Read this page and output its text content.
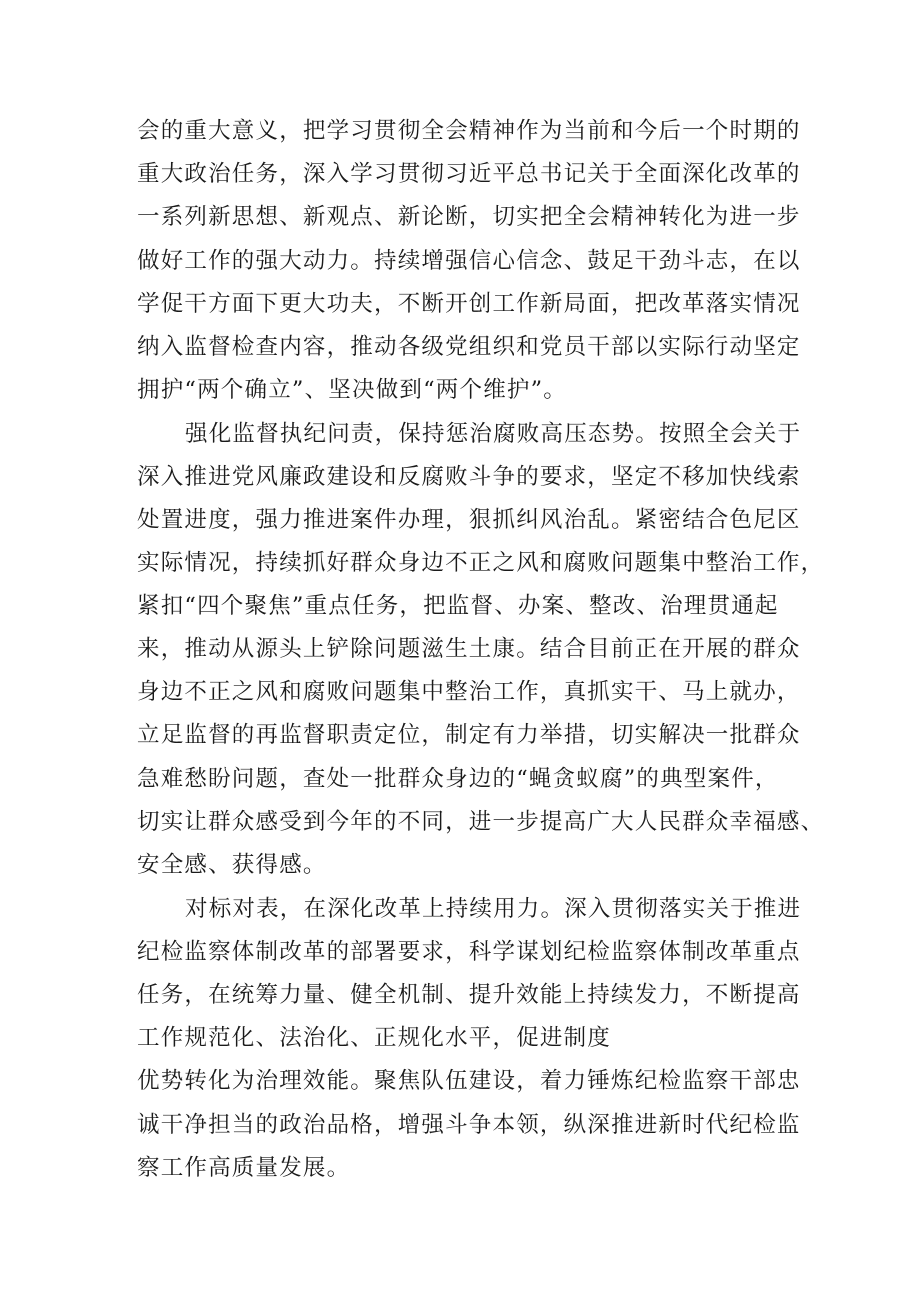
会的重大意义，把学习贯彻全会精神作为当前和今后一个时期的
重大政治任务，深入学习贯彻习近平总书记关于全面深化改革的
一系列新思想、新观点、新论断，切实把全会精神转化为进一步
做好工作的强大动力。持续增强信心信念、鼓足干劲斗志，在以
学促干方面下更大功夫，不断开创工作新局面，把改革落实情况
纳入监督检查内容，推动各级党组织和党员干部以实际行动坚定
拥护“两个确立”、坚决做到“两个维护”。
强化监督执纪问责，保持惩治腐败高压态势。按照全会关于
深入推进党风廉政建设和反腐败斗争的要求，坚定不移加快线索
处置进度，强力推进案件办理，狠抓纠风治乱。紧密结合色尼区
实际情况，持续抓好群众身边不正之风和腐败问题集中整治工作，
紧扣“四个聚焦”重点任务，把监督、办案、整改、治理贯通起
来，推动从源头上铲除问题滋生土康。结合目前正在开展的群众
身边不正之风和腐败问题集中整治工作，真抓实干、马上就办，
立足监督的再监督职责定位，制定有力举措，切实解决一批群众
急难愁盼问题，查处一批群众身边的“蝇贪蚁腐”的典型案件，
切实让群众感受到今年的不同，进一步提高广大人民群众幸福感、
安全感、获得感。
对标对表，在深化改革上持续用力。深入贯彻落实关于推进
纪检监察体制改革的部署要求，科学谋划纪检监察体制改革重点
任务，在统筹力量、健全机制、提升效能上持续发力，不断提高
工作规范化、法治化、正规化水平，促进制度
优势转化为治理效能。聚焦队伍建设，着力锤炼纪检监察干部忠
诚干净担当的政治品格，增强斗争本领，纵深推进新时代纪检监
察工作高质量发展。
